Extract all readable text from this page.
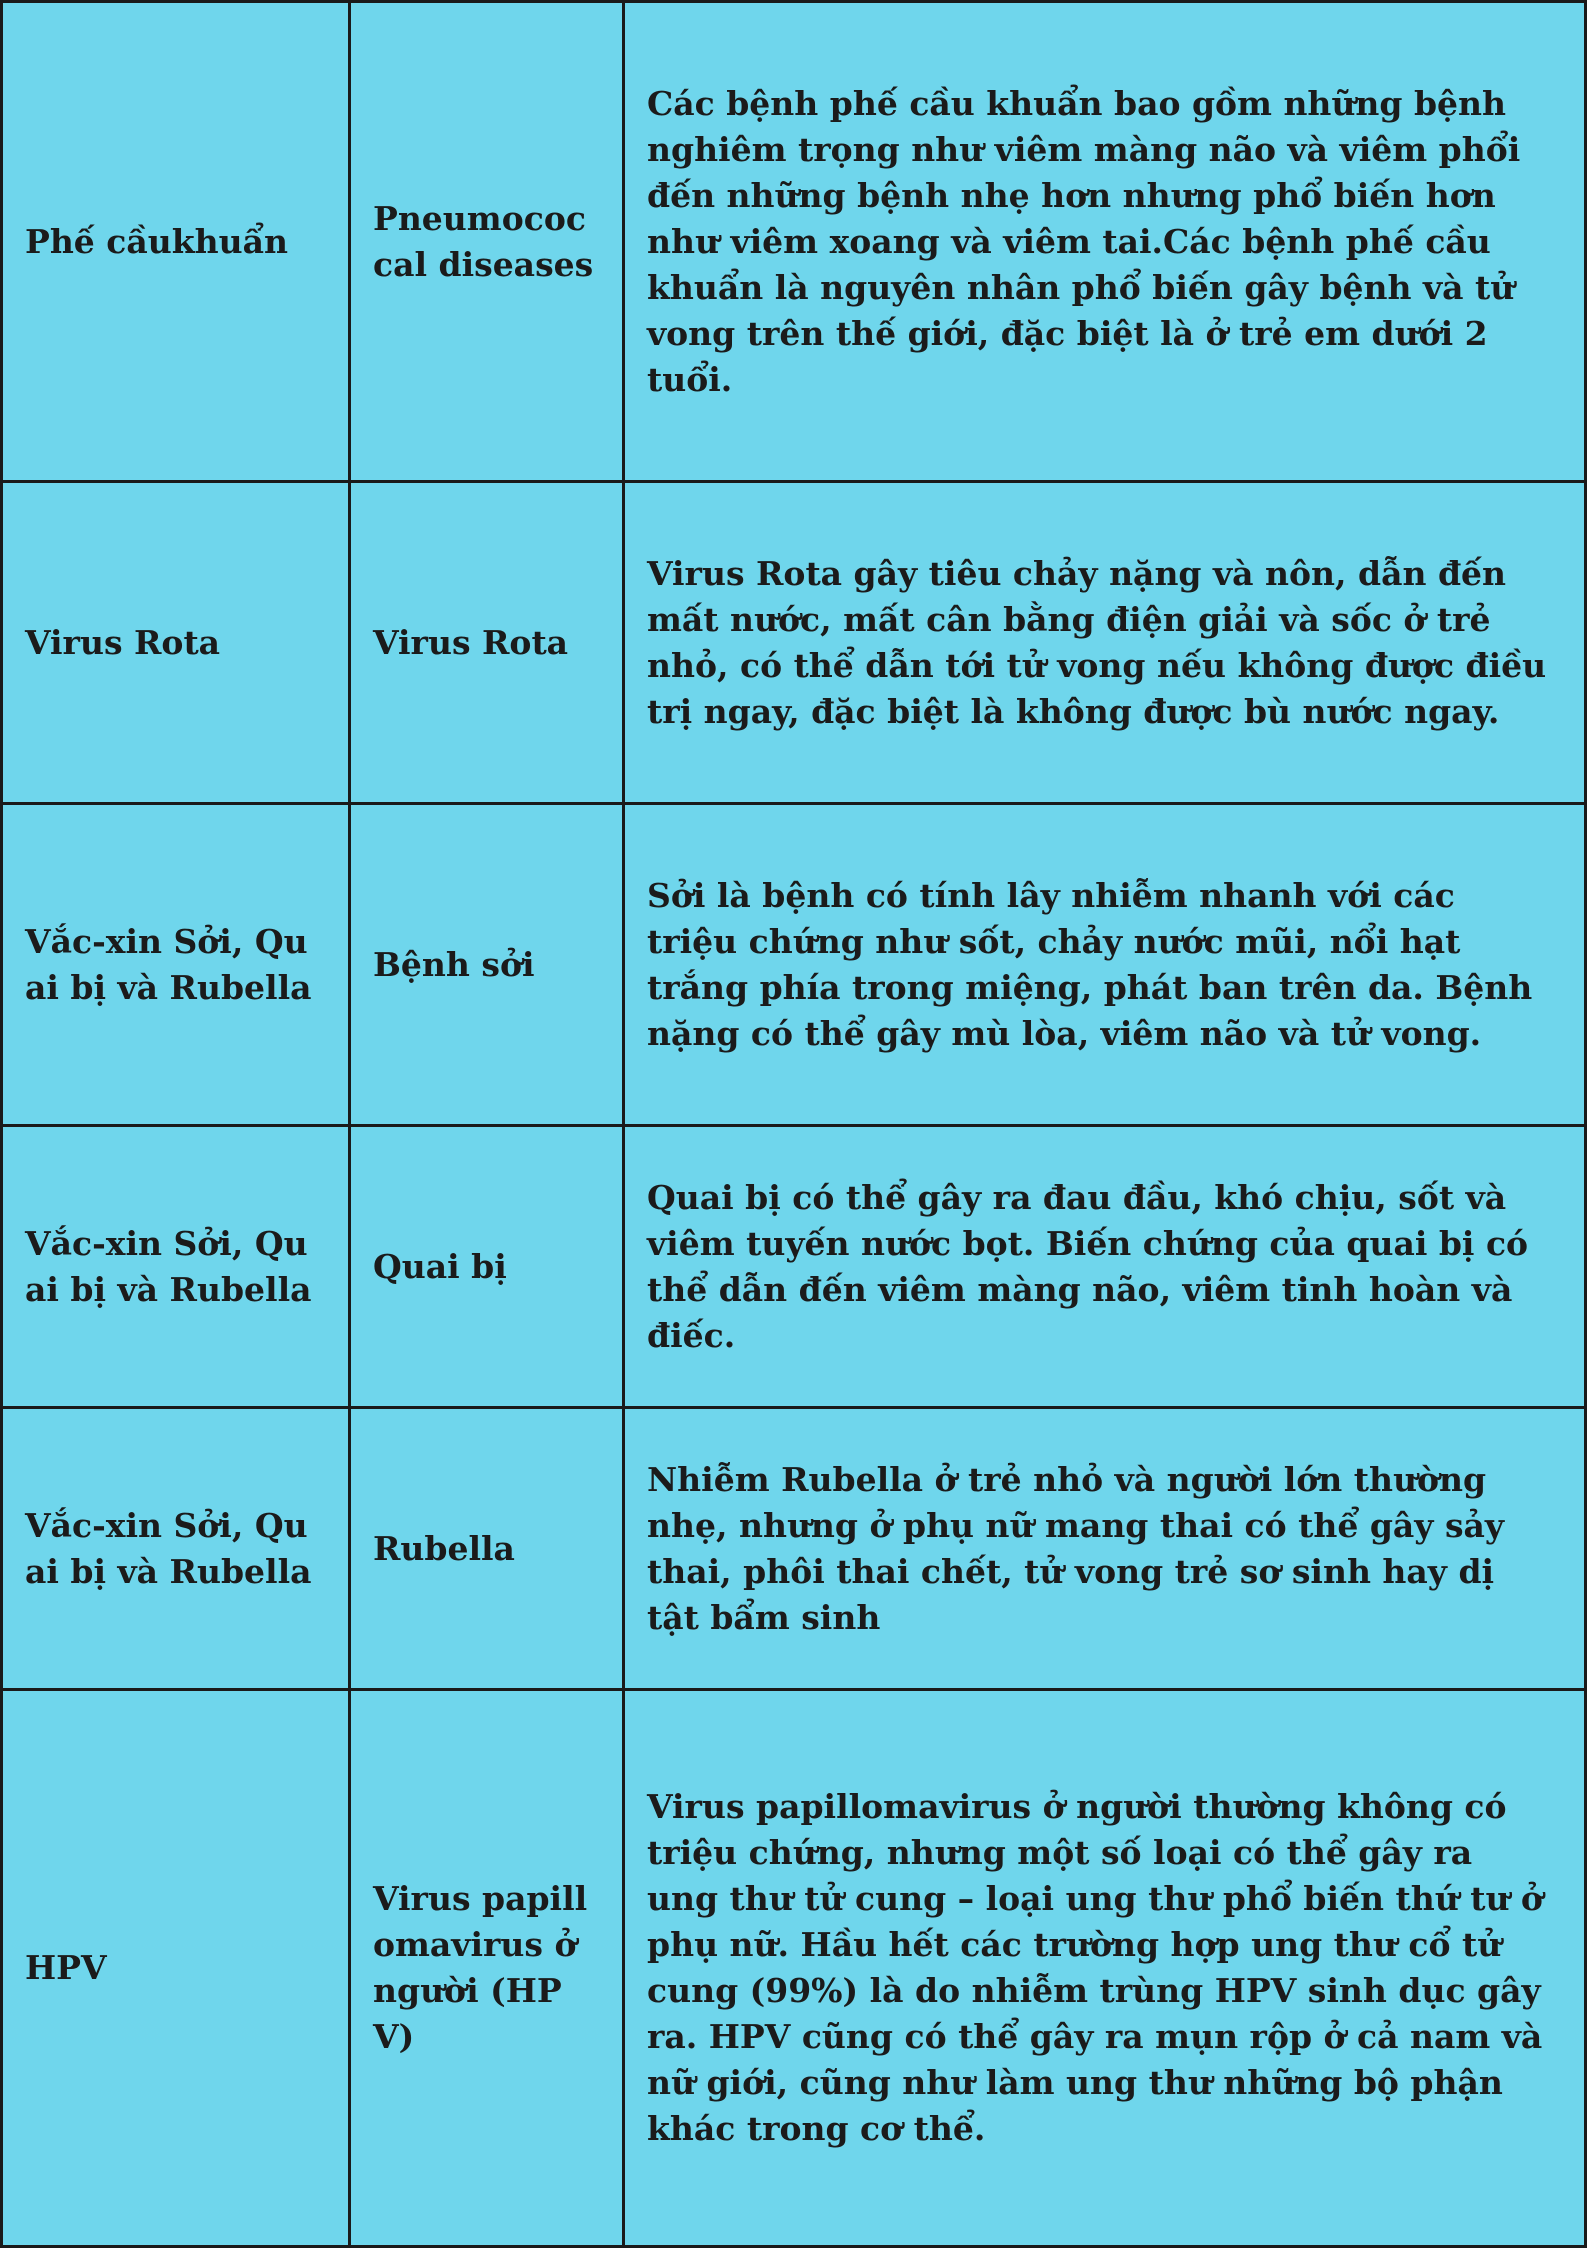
Phế cầukhuẩn	Pneumococcal diseases	Các bệnh phế cầu khuẩn bao gồm những bệnh nghiêm trọng như viêm màng não và viêm phổi đến những bệnh nhẹ hơn nhưng phổ biến hơn như viêm xoang và viêm tai.Các bệnh phế cầu khuẩn là nguyên nhân phổ biến gây bệnh và tử vong trên thế giới, đặc biệt là ở trẻ em dưới 2 tuổi.
Virus Rota	Virus Rota	Virus Rota gây tiêu chảy nặng và nôn, dẫn đến mất nước, mất cân bằng điện giải và sốc ở trẻ nhỏ, có thể dẫn tới tử vong nếu không được điều trị ngay, đặc biệt là không được bù nước ngay.
Vắc-xin Sởi, Quai bị và Rubella	Bệnh sởi	Sởi là bệnh có tính lây nhiễm nhanh với các triệu chứng như sốt, chảy nước mũi, nổi hạt trắng phía trong miệng, phát ban trên da. Bệnh nặng có thể gây mù lòa, viêm não và tử vong.
Vắc-xin Sởi, Quai bị và Rubella	Quai bị	Quai bị có thể gây ra đau đầu, khó chịu, sốt và viêm tuyến nước bọt. Biến chứng của quai bị có thể dẫn đến viêm màng não, viêm tinh hoàn và điếc.
Vắc-xin Sởi, Quai bị và Rubella	Rubella	Nhiễm Rubella ở trẻ nhỏ và người lớn thường nhẹ, nhưng ở phụ nữ mang thai có thể gây sảy thai, phôi thai chết, tử vong trẻ sơ sinh hay dị tật bẩm sinh
HPV	Virus papillomavirus ở người (HPV)	Virus papillomavirus ở người thường không có triệu chứng, nhưng một số loại có thể gây ra ung thư tử cung – loại ung thư phổ biến thứ tư ở phụ nữ. Hầu hết các trường hợp ung thư cổ tử cung (99%) là do nhiễm trùng HPV sinh dục gây ra. HPV cũng có thể gây ra mụn rộp ở cả nam và nữ giới, cũng như làm ung thư những bộ phận khác trong cơ thể.
